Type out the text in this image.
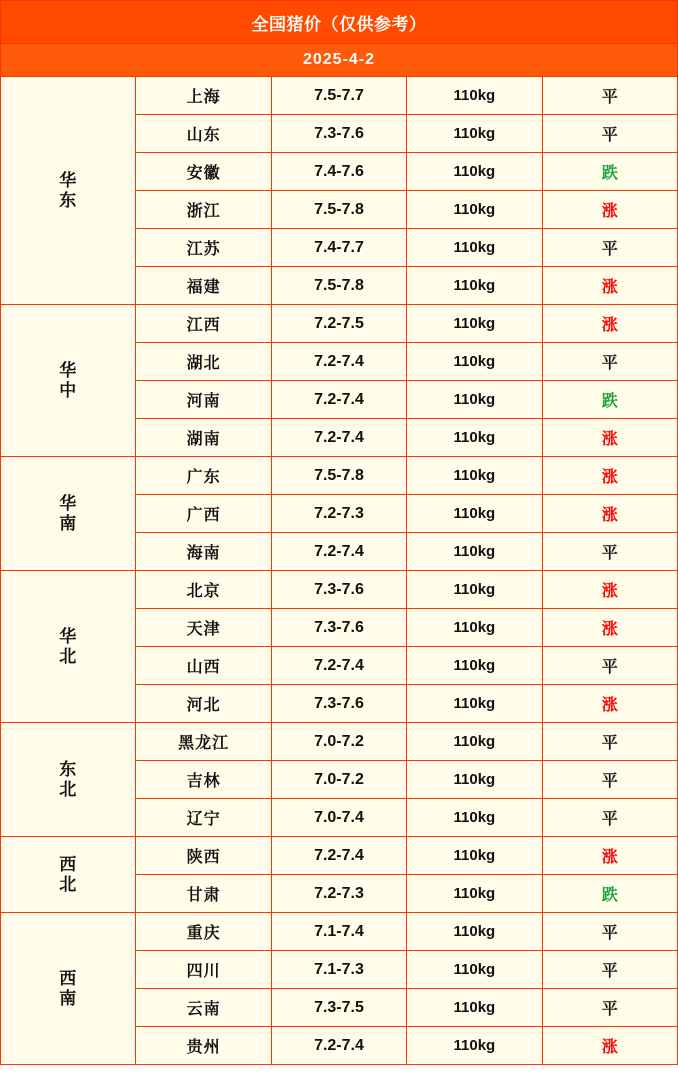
全国猪价（仅供参考）				
2025-4-2				

华东	上海	7.5-7.7	110kg	平
	山东	7.3-7.6	110kg	平
	安徽	7.4-7.6	110kg	跌
	浙江	7.5-7.8	110kg	涨
	江苏	7.4-7.7	110kg	平
	福建	7.5-7.8	110kg	涨

华中	江西	7.2-7.5	110kg	涨
	湖北	7.2-7.4	110kg	平
	河南	7.2-7.4	110kg	跌
	湖南	7.2-7.4	110kg	涨

华南	广东	7.5-7.8	110kg	涨
	广西	7.2-7.3	110kg	涨
	海南	7.2-7.4	110kg	平

华北	北京	7.3-7.6	110kg	涨
	天津	7.3-7.6	110kg	涨
	山西	7.2-7.4	110kg	平
	河北	7.3-7.6	110kg	涨

东北	黑龙江	7.0-7.2	110kg	平
	吉林	7.0-7.2	110kg	平
	辽宁	7.0-7.4	110kg	平

西北	陕西	7.2-7.4	110kg	涨
	甘肃	7.2-7.3	110kg	跌

西南	重庆	7.1-7.4	110kg	平
	四川	7.1-7.3	110kg	平
	云南	7.3-7.5	110kg	平
	贵州	7.2-7.4	110kg	涨
